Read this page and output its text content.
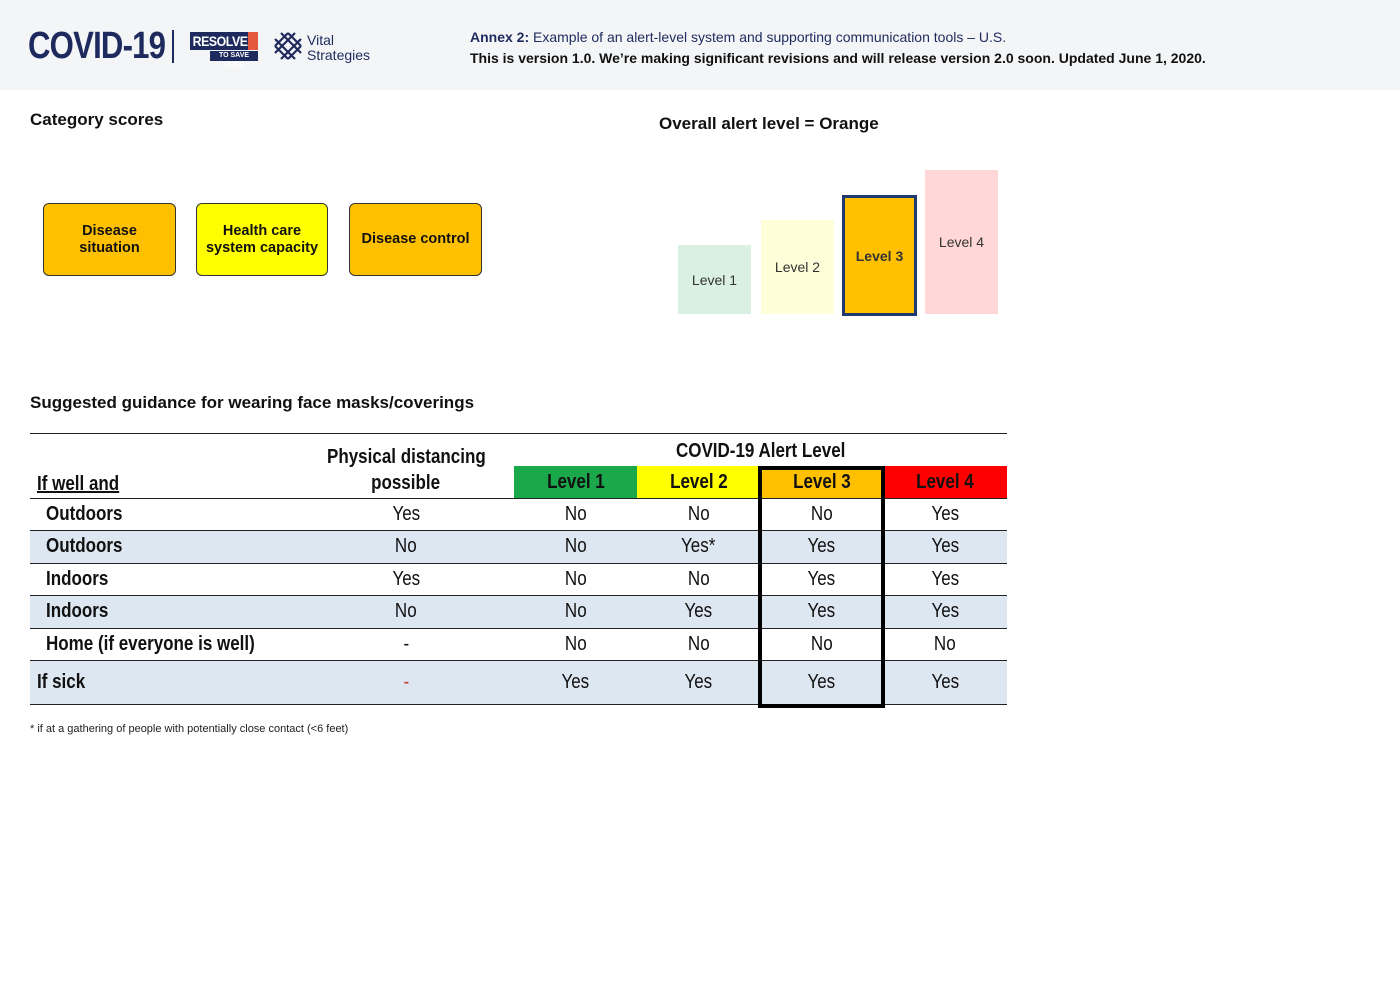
COVID-19 RESOLVE
TO SAVE LIVES
Vital
Strategies
Annex 2: Example of an alert-level system and supporting communication tools – U.S.
This is version 1.0. We’re making significant revisions and will release version 2.0 soon. Updated June 1, 2020.
Category scores
Disease
situation
Health care
system capacity
Disease control
Overall alert level = Orange
Level 1
Level 2
Level 3
Level 4
Suggested guidance for wearing face masks/coverings
If well and
Physical distancing
possible
COVID-19 Alert Level
Level 1	Level 2	Level 3	Level 4
Outdoors	Yes	No	No	No	Yes
Outdoors	No	No	Yes*	Yes	Yes
Indoors	Yes	No	No	Yes	Yes
Indoors	No	No	Yes	Yes	Yes
Home (if everyone is well)	-	No	No	No	No
If sick	-	Yes	Yes	Yes	Yes
* if at a gathering of people with potentially close contact (<6 feet)
